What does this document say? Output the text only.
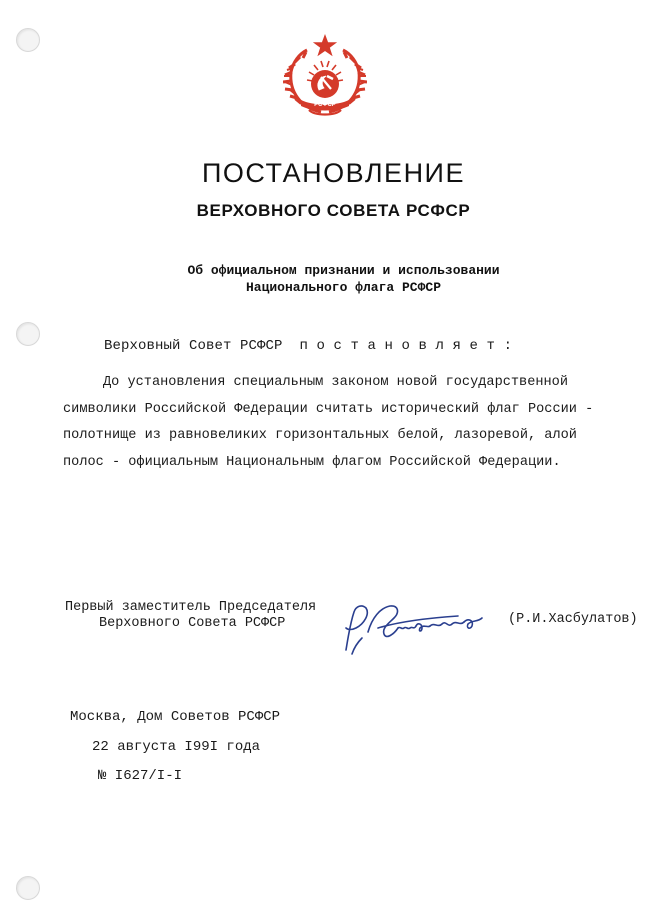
РСФСР
ПОСТАНОВЛЕНИЕ
ВЕРХОВНОГО СОВЕТА РСФСР
Об официальном признании и использовании
Национального флага РСФСР
Верховный Совет РСФСР  п о с т а н о в л я е т :
До установления специальным законом новой государственной
символики Российской Федерации считать исторический флаг России -
полотнище из равновеликих горизонтальных белой, лазоревой, алой
полос - официальным Национальным флагом Российской Федерации.
Первый заместитель Председателя
Верховного Совета РСФСР	(Р.И.Хасбулатов)
Москва, Дом Советов РСФСР
22 августа I99I года
№ I627/I-I
